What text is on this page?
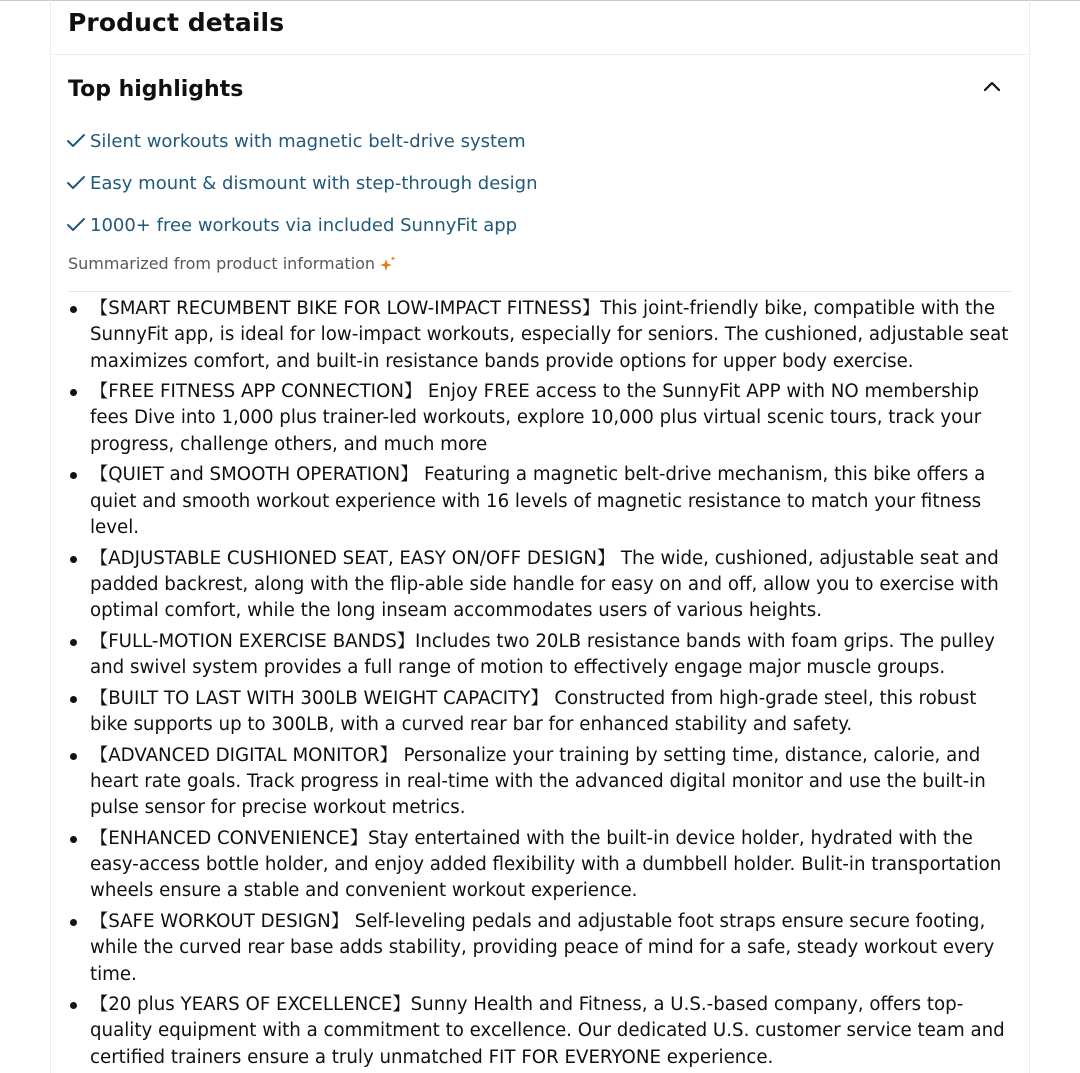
Product details
Top highlights
Silent workouts with magnetic belt-drive system
Easy mount & dismount with step-through design
1000+ free workouts via included SunnyFit app
Summarized from product information
【SMART RECUMBENT BIKE FOR LOW-IMPACT FITNESS】This joint-friendly bike, compatible with the SunnyFit app, is ideal for low-impact workouts, especially for seniors. The cushioned, adjustable seat maximizes comfort, and built-in resistance bands provide options for upper body exercise.
【FREE FITNESS APP CONNECTION】 Enjoy FREE access to the SunnyFit APP with NO membership fees Dive into 1,000 plus trainer-led workouts, explore 10,000 plus virtual scenic tours, track your progress, challenge others, and much more
【QUIET and SMOOTH OPERATION】 Featuring a magnetic belt-drive mechanism, this bike offers a quiet and smooth workout experience with 16 levels of magnetic resistance to match your fitness level.
【ADJUSTABLE CUSHIONED SEAT, EASY ON/OFF DESIGN】 The wide, cushioned, adjustable seat and padded backrest, along with the flip-able side handle for easy on and off, allow you to exercise with optimal comfort, while the long inseam accommodates users of various heights.
【FULL-MOTION EXERCISE BANDS】Includes two 20LB resistance bands with foam grips. The pulley and swivel system provides a full range of motion to effectively engage major muscle groups.
【BUILT TO LAST WITH 300LB WEIGHT CAPACITY】 Constructed from high-grade steel, this robust bike supports up to 300LB, with a curved rear bar for enhanced stability and safety.
【ADVANCED DIGITAL MONITOR】 Personalize your training by setting time, distance, calorie, and heart rate goals. Track progress in real-time with the advanced digital monitor and use the built-in pulse sensor for precise workout metrics.
【ENHANCED CONVENIENCE】Stay entertained with the built-in device holder, hydrated with the easy-access bottle holder, and enjoy added flexibility with a dumbbell holder. Bulit-in transportation wheels ensure a stable and convenient workout experience.
【SAFE WORKOUT DESIGN】 Self-leveling pedals and adjustable foot straps ensure secure footing, while the curved rear base adds stability, providing peace of mind for a safe, steady workout every time.
【20 plus YEARS OF EXCELLENCE】Sunny Health and Fitness, a U.S.-based company, offers top-quality equipment with a commitment to excellence. Our dedicated U.S. customer service team and certified trainers ensure a truly unmatched FIT FOR EVERYONE experience.
